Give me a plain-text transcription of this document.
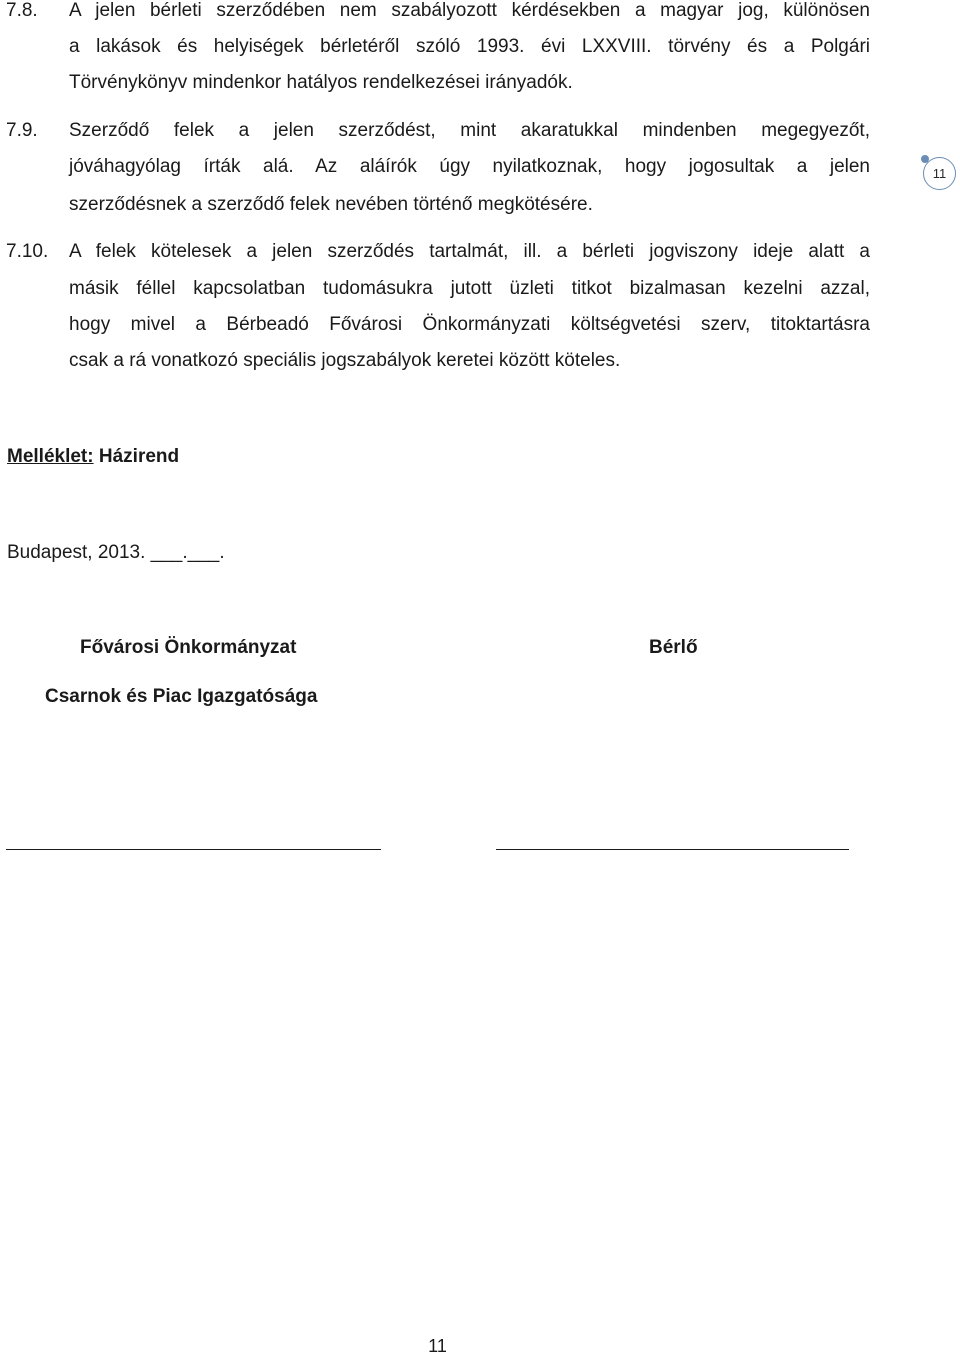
7.8. A jelen bérleti szerződében nem szabályozott kérdésekben a magyar jog, különösen
a lakások és helyiségek bérletéről szóló 1993. évi LXXVIII. törvény és a Polgári
Törvénykönyv mindenkor hatályos rendelkezései irányadók.
7.9. Szerződő felek a jelen szerződést, mint akaratukkal mindenben megegyezőt,
jóváhagyólag írták alá. Az aláírók úgy nyilatkoznak, hogy jogosultak a jelen
szerződésnek a szerződő felek nevében történő megkötésére.
11
7.10. A felek kötelesek a jelen szerződés tartalmát, ill. a bérleti jogviszony ideje alatt a
másik féllel kapcsolatban tudomásukra jutott üzleti titkot bizalmasan kezelni azzal,
hogy mivel a Bérbeadó Fővárosi Önkormányzati költségvetési szerv, titoktartásra
csak a rá vonatkozó speciális jogszabályok keretei között köteles.
Melléklet: Házirend
Budapest, 2013. ___.___.
Fővárosi Önkormányzat	Bérlő
Csarnok és Piac Igazgatósága
11
